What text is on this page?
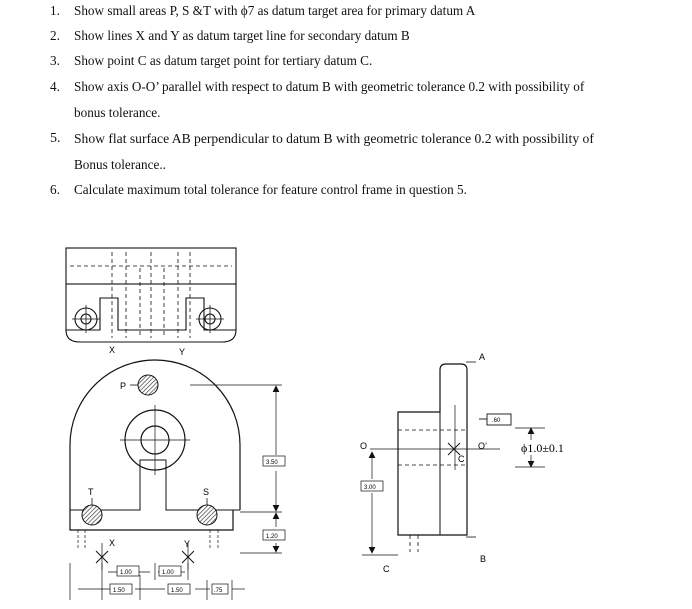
1. Show small areas P, S &T with ϕ7 as datum target area for primary datum A
2. Show lines X and Y as datum target line for secondary datum B
3. Show point C as datum target point for tertiary datum C.
4. Show axis O-O’ parallel with respect to datum B with geometric tolerance 0.2 with possibility of
bonus tolerance.
5. Show flat surface AB perpendicular to datum B with geometric tolerance 0.2 with possibility of
Bonus tolerance..
6. Calculate maximum total tolerance for feature control frame in question 5.
X	Y
P
T	S
X	Y
3.50
1.20
1.00	1.00
1.50	1.50	.75
.60
A
B
C
C
O	O’
3.00
ϕ1.0±0.1
